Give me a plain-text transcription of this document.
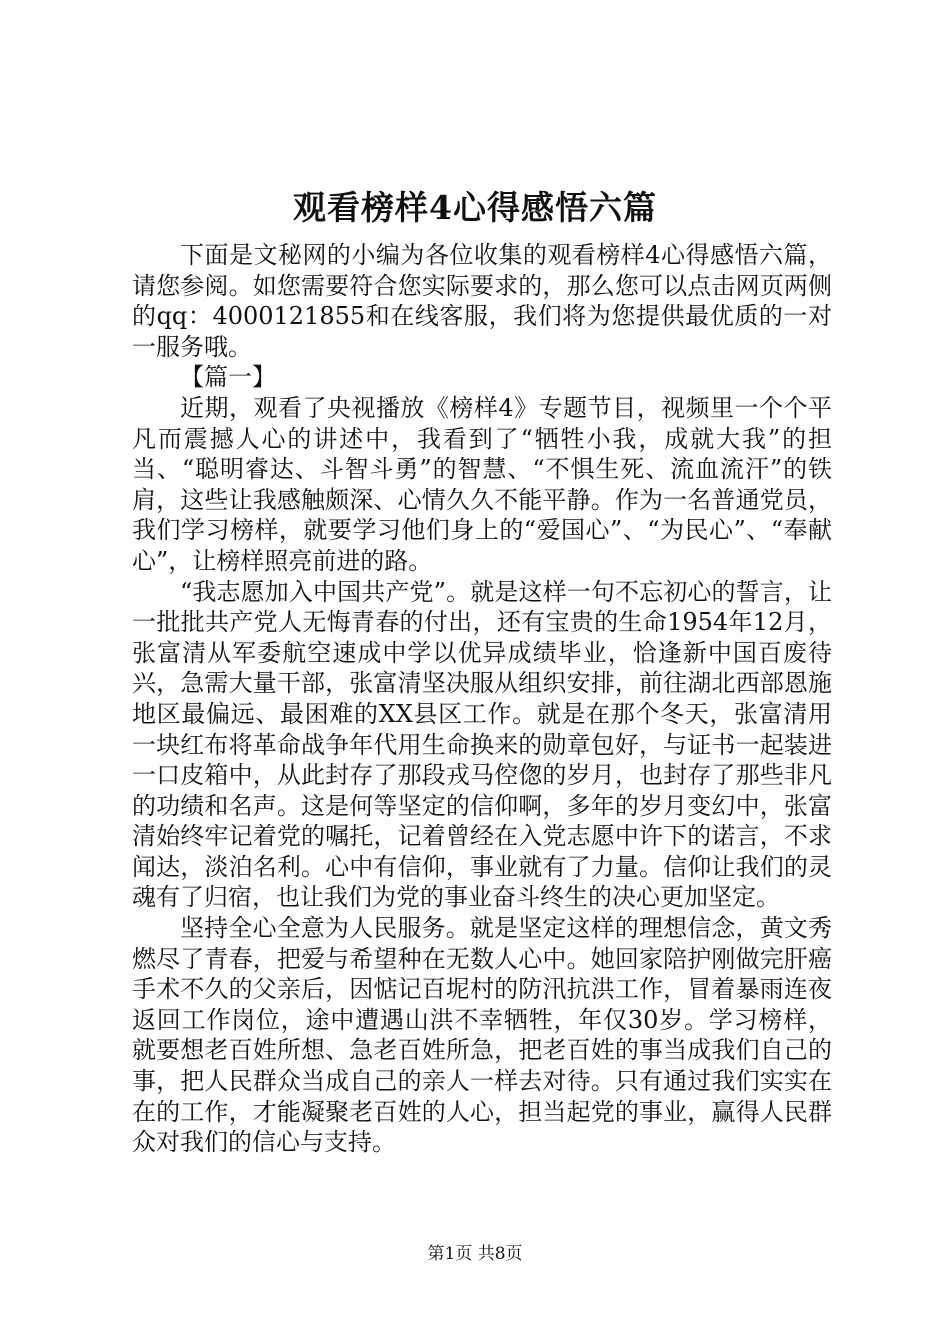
观看榜样4心得感悟六篇

下面是文秘网的小编为各位收集的观看榜样4心得感悟六篇，请您参阅。如您需要符合您实际要求的，那么您可以点击网页两侧的qq：4000121855和在线客服，我们将为您提供最优质的一对一服务哦。

【篇一】

近期，观看了央视播放《榜样4》专题节目，视频里一个个平凡而震撼人心的讲述中，我看到了“牺牲小我，成就大我”的担当、“聪明睿达、斗智斗勇”的智慧、“不惧生死、流血流汗”的铁肩，这些让我感触颇深、心情久久不能平静。作为一名普通党员，我们学习榜样，就要学习他们身上的“爱国心”、“为民心”、“奉献心”，让榜样照亮前进的路。

“我志愿加入中国共产党”。就是这样一句不忘初心的誓言，让一批批共产党人无悔青春的付出，还有宝贵的生命1954年12月，张富清从军委航空速成中学以优异成绩毕业，恰逢新中国百废待兴，急需大量干部，张富清坚决服从组织安排，前往湖北西部恩施地区最偏远、最困难的XX县区工作。就是在那个冬天，张富清用一块红布将革命战争年代用生命换来的勋章包好，与证书一起装进一口皮箱中，从此封存了那段戎马倥偬的岁月，也封存了那些非凡的功绩和名声。这是何等坚定的信仰啊，多年的岁月变幻中，张富清始终牢记着党的嘱托，记着曾经在入党志愿中许下的诺言，不求闻达，淡泊名利。心中有信仰，事业就有了力量。信仰让我们的灵魂有了归宿，也让我们为党的事业奋斗终生的决心更加坚定。

坚持全心全意为人民服务。就是坚定这样的理想信念，黄文秀燃尽了青春，把爱与希望种在无数人心中。她回家陪护刚做完肝癌手术不久的父亲后，因惦记百坭村的防汛抗洪工作，冒着暴雨连夜返回工作岗位，途中遭遇山洪不幸牺牲，年仅30岁。学习榜样，就要想老百姓所想、急老百姓所急，把老百姓的事当成我们自己的事，把人民群众当成自己的亲人一样去对待。只有通过我们实实在在的工作，才能凝聚老百姓的人心，担当起党的事业，赢得人民群众对我们的信心与支持。

第1页 共8页
